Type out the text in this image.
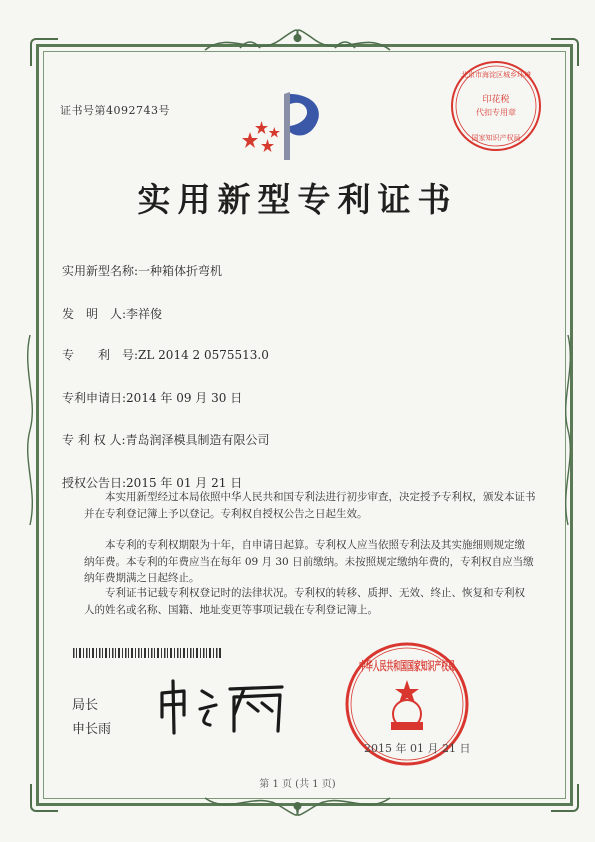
证书号第4092743号
印花税
代扣专用章
北京市海淀区城乡环境
国家知识产权局
实用新型专利证书
实用新型名称:一种箱体折弯机
发　明　人:李祥俊
专　　利　号:ZL 2014 2 0575513.0
专利申请日:2014 年 09 月 30 日
专 利 权 人:青岛润泽模具制造有限公司
授权公告日:2015 年 01 月 21 日
本实用新型经过本局依照中华人民共和国专利法进行初步审查，决定授予专利权，颁发本证书并在专利登记簿上予以登记。专利权自授权公告之日起生效。
本专利的专利权期限为十年，自申请日起算。专利权人应当依照专利法及其实施细则规定缴纳年费。本专利的年费应当在每年 09 月 30 日前缴纳。未按照规定缴纳年费的，专利权自应当缴纳年费期满之日起终止。
专利证书记载专利权登记时的法律状况。专利权的转移、质押、无效、终止、恢复和专利权人的姓名或名称、国籍、地址变更等事项记载在专利登记簿上。
局长
申长雨
中华人民共和国国家知识产权局
2015 年 01 月 21 日
第 1 页 (共 1 页)
